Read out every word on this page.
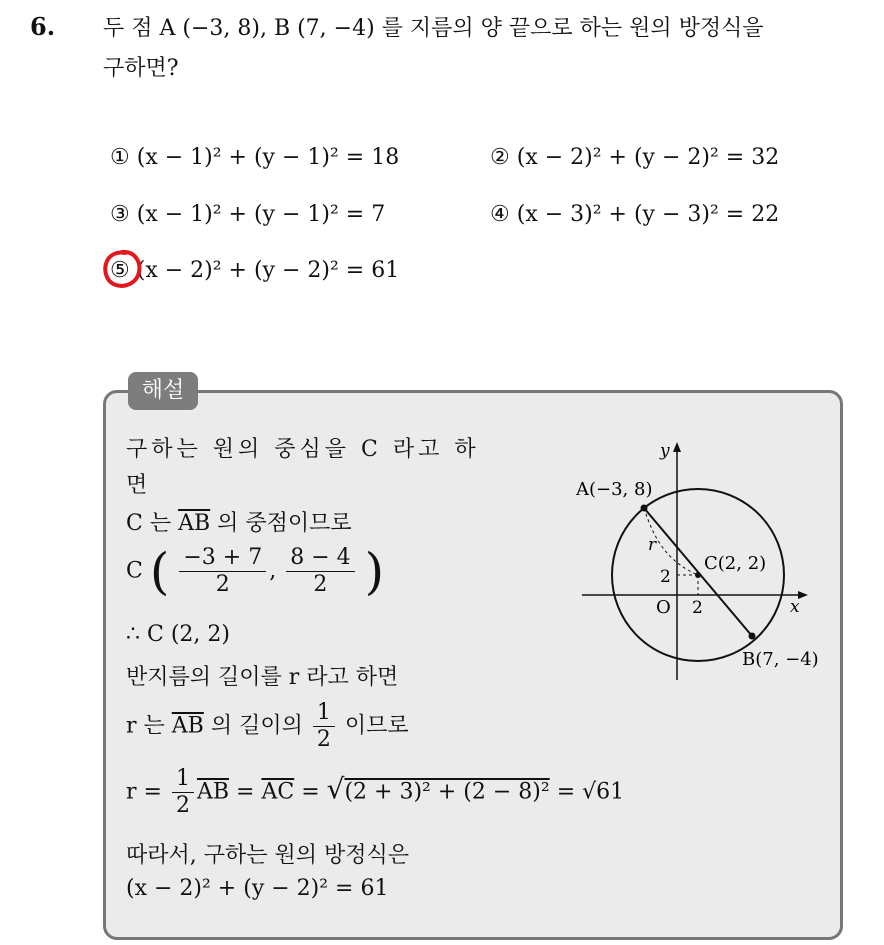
6. 두 점 A (−3, 8), B (7, −4) 를 지름의 양 끝으로 하는 원의 방정식을
구하면?
① (x − 1)² + (y − 1)² = 18	② (x − 2)² + (y − 2)² = 32
③ (x − 1)² + (y − 1)² = 7	④ (x − 3)² + (y − 3)² = 22
⑤ (x − 2)² + (y − 2)² = 61
해설
구하는 원의 중심을 C 라고 하
면
C 는 $\overline{AB}$ 의 중점이므로
C ( $\frac{-3 + 7}{2}$ , $\frac{8 - 4}{2}$ )
∴ C (2, 2)
반지름의 길이를 r 라고 하면
r 는 $\overline{AB}$ 의 길이의 $\frac{1}{2}$ 이므로
$r = \frac{1}{2} \overline{AB} = \overline{AC} = √(2 + 3)^2 + (2 - 8)^2 = √61$
따라서, 구하는 원의 방정식은
(x − 2)² + (y − 2)² = 61
y
x
O
A(−3, 8)
B(7, −4)
C(2, 2)
r
2
2
